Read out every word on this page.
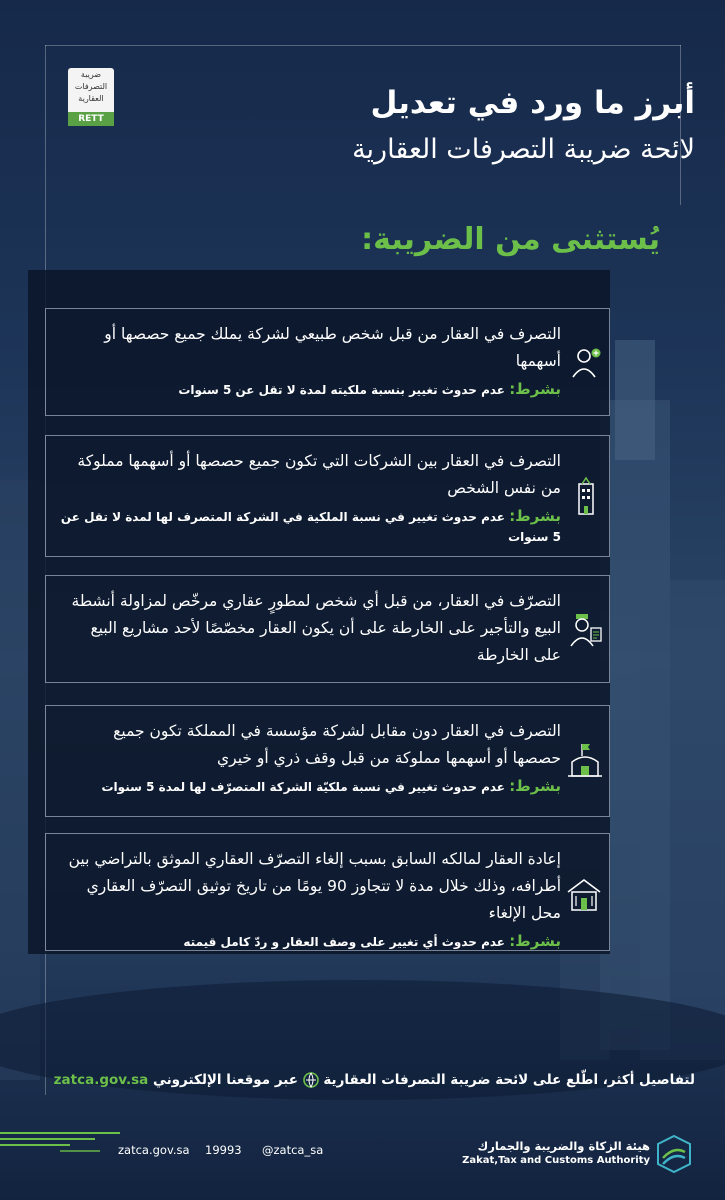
ضريبة
التصرفات
العقارية
RETT	أبرز ما ورد في تعديل
لائحة ضريبة التصرفات العقارية
يُستثنى من الضريبة:
التصرف في العقار من قبل شخص طبيعي لشركة يملك جميع حصصها أو أسهمها
بشرط: عدم حدوث تغيير بنسبة ملكيته لمدة لا تقل عن 5 سنوات
التصرف في العقار بين الشركات التي تكون جميع حصصها أو أسهمها مملوكة من نفس الشخص
بشرط: عدم حدوث تغيير في نسبة الملكية في الشركة المتصرف لها لمدة لا تقل عن 5 سنوات
التصرّف في العقار، من قبل أي شخص لمطورٍ عقاري مرخّص لمزاولة أنشطة البيع والتأجير على الخارطة على أن يكون العقار مخصّصًا لأحد مشاريع البيع على الخارطة
التصرف في العقار دون مقابل لشركة مؤسسة في المملكة تكون جميع حصصها أو أسهمها مملوكة من قبل وقف ذري أو خيري
بشرط: عدم حدوث تغيير في نسبة ملكيّة الشركة المتصرّف لها لمدة 5 سنوات
إعادة العقار لمالكه السابق بسبب إلغاء التصرّف العقاري الموثق بالتراضي بين أطرافه، وذلك خلال مدة لا تتجاوز 90 يومًا من تاريخ توثيق التصرّف العقاري محل الإلغاء
بشرط: عدم حدوث أي تغيير على وصف العقار و ردّ كامل قيمته
لتفاصيل أكثر، اطّلع على لائحة ضريبة التصرفات العقارية  عبر موقعنا الإلكتروني zatca.gov.sa
zatca.gov.sa 19993 @zatca_sa	هيئة الزكاة والضريبة والجمارك
Zakat,Tax and Customs Authority
